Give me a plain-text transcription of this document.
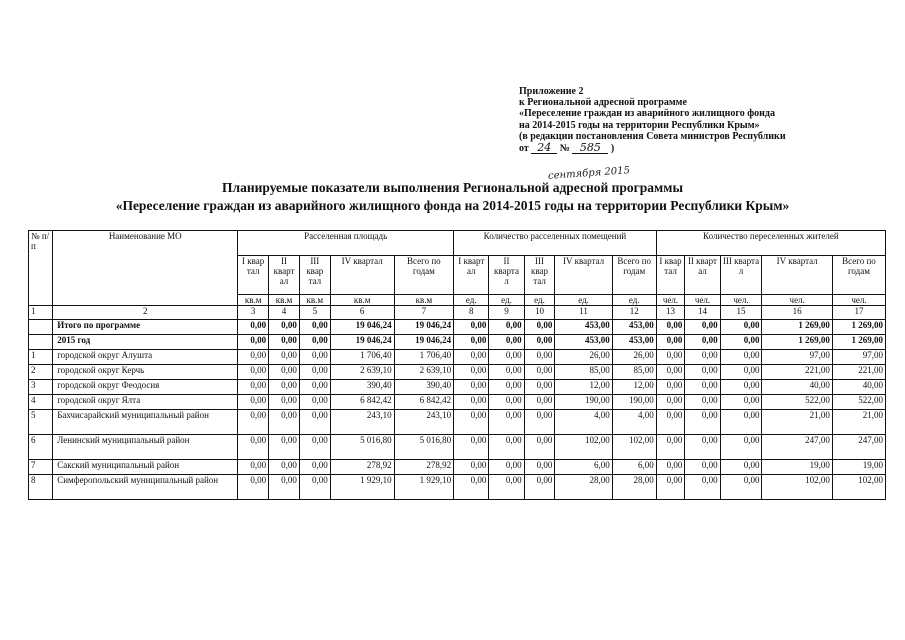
Приложение 2
к Региональной адресной программе
«Переселение граждан из аварийного жилищного фонда
на 2014-2015 годы на территории Республики Крым»
(в редакции постановления Совета министров Республики
от 24 № 585 )
сентября 2015
Планируемые показатели выполнения Региональной адресной программы
«Переселение граждан из аварийного жилищного фонда на 2014-2015 годы на территории Республики Крым»
№ п/п	Наименование МО	Расселенная площадь					Количество расселенных помещений					Количество переселенных жителей				
		I квар тал	II кварт ал	III квар тал	IV квартал	Всего по годам	I кварт ал	II кварта л	III квар тал	IV квартал	Всего по годам	I квар тал	II кварт ал	III кварта л	IV квартал	Всего по годам
		кв.м	кв.м	кв.м	кв.м	кв.м	ед.	ед.	ед.	ед.	ед.	чел.	чел.	чел.	чел.	чел.
1	2	3	4	5	6	7	8	9	10	11	12	13	14	15	16	17
	Итого по программе	0,00	0,00	0,00	19 046,24	19 046,24	0,00	0,00	0,00	453,00	453,00	0,00	0,00	0,00	1 269,00	1 269,00
	2015 год	0,00	0,00	0,00	19 046,24	19 046,24	0,00	0,00	0,00	453,00	453,00	0,00	0,00	0,00	1 269,00	1 269,00
1	городской округ Алушта	0,00	0,00	0,00	1 706,40	1 706,40	0,00	0,00	0,00	26,00	26,00	0,00	0,00	0,00	97,00	97,00
2	городской округ Керчь	0,00	0,00	0,00	2 639,10	2 639,10	0,00	0,00	0,00	85,00	85,00	0,00	0,00	0,00	221,00	221,00
3	городской округ Феодосия	0,00	0,00	0,00	390,40	390,40	0,00	0,00	0,00	12,00	12,00	0,00	0,00	0,00	40,00	40,00
4	городской округ Ялта	0,00	0,00	0,00	6 842,42	6 842,42	0,00	0,00	0,00	190,00	190,00	0,00	0,00	0,00	522,00	522,00
5	Бахчисарайский муниципальный район	0,00	0,00	0,00	243,10	243,10	0,00	0,00	0,00	4,00	4,00	0,00	0,00	0,00	21,00	21,00
6	Ленинский муниципальный район	0,00	0,00	0,00	5 016,80	5 016,80	0,00	0,00	0,00	102,00	102,00	0,00	0,00	0,00	247,00	247,00
7	Сакский муниципальный район	0,00	0,00	0,00	278,92	278,92	0,00	0,00	0,00	6,00	6,00	0,00	0,00	0,00	19,00	19,00
8	Симферопольский муниципальный район	0,00	0,00	0,00	1 929,10	1 929,10	0,00	0,00	0,00	28,00	28,00	0,00	0,00	0,00	102,00	102,00
